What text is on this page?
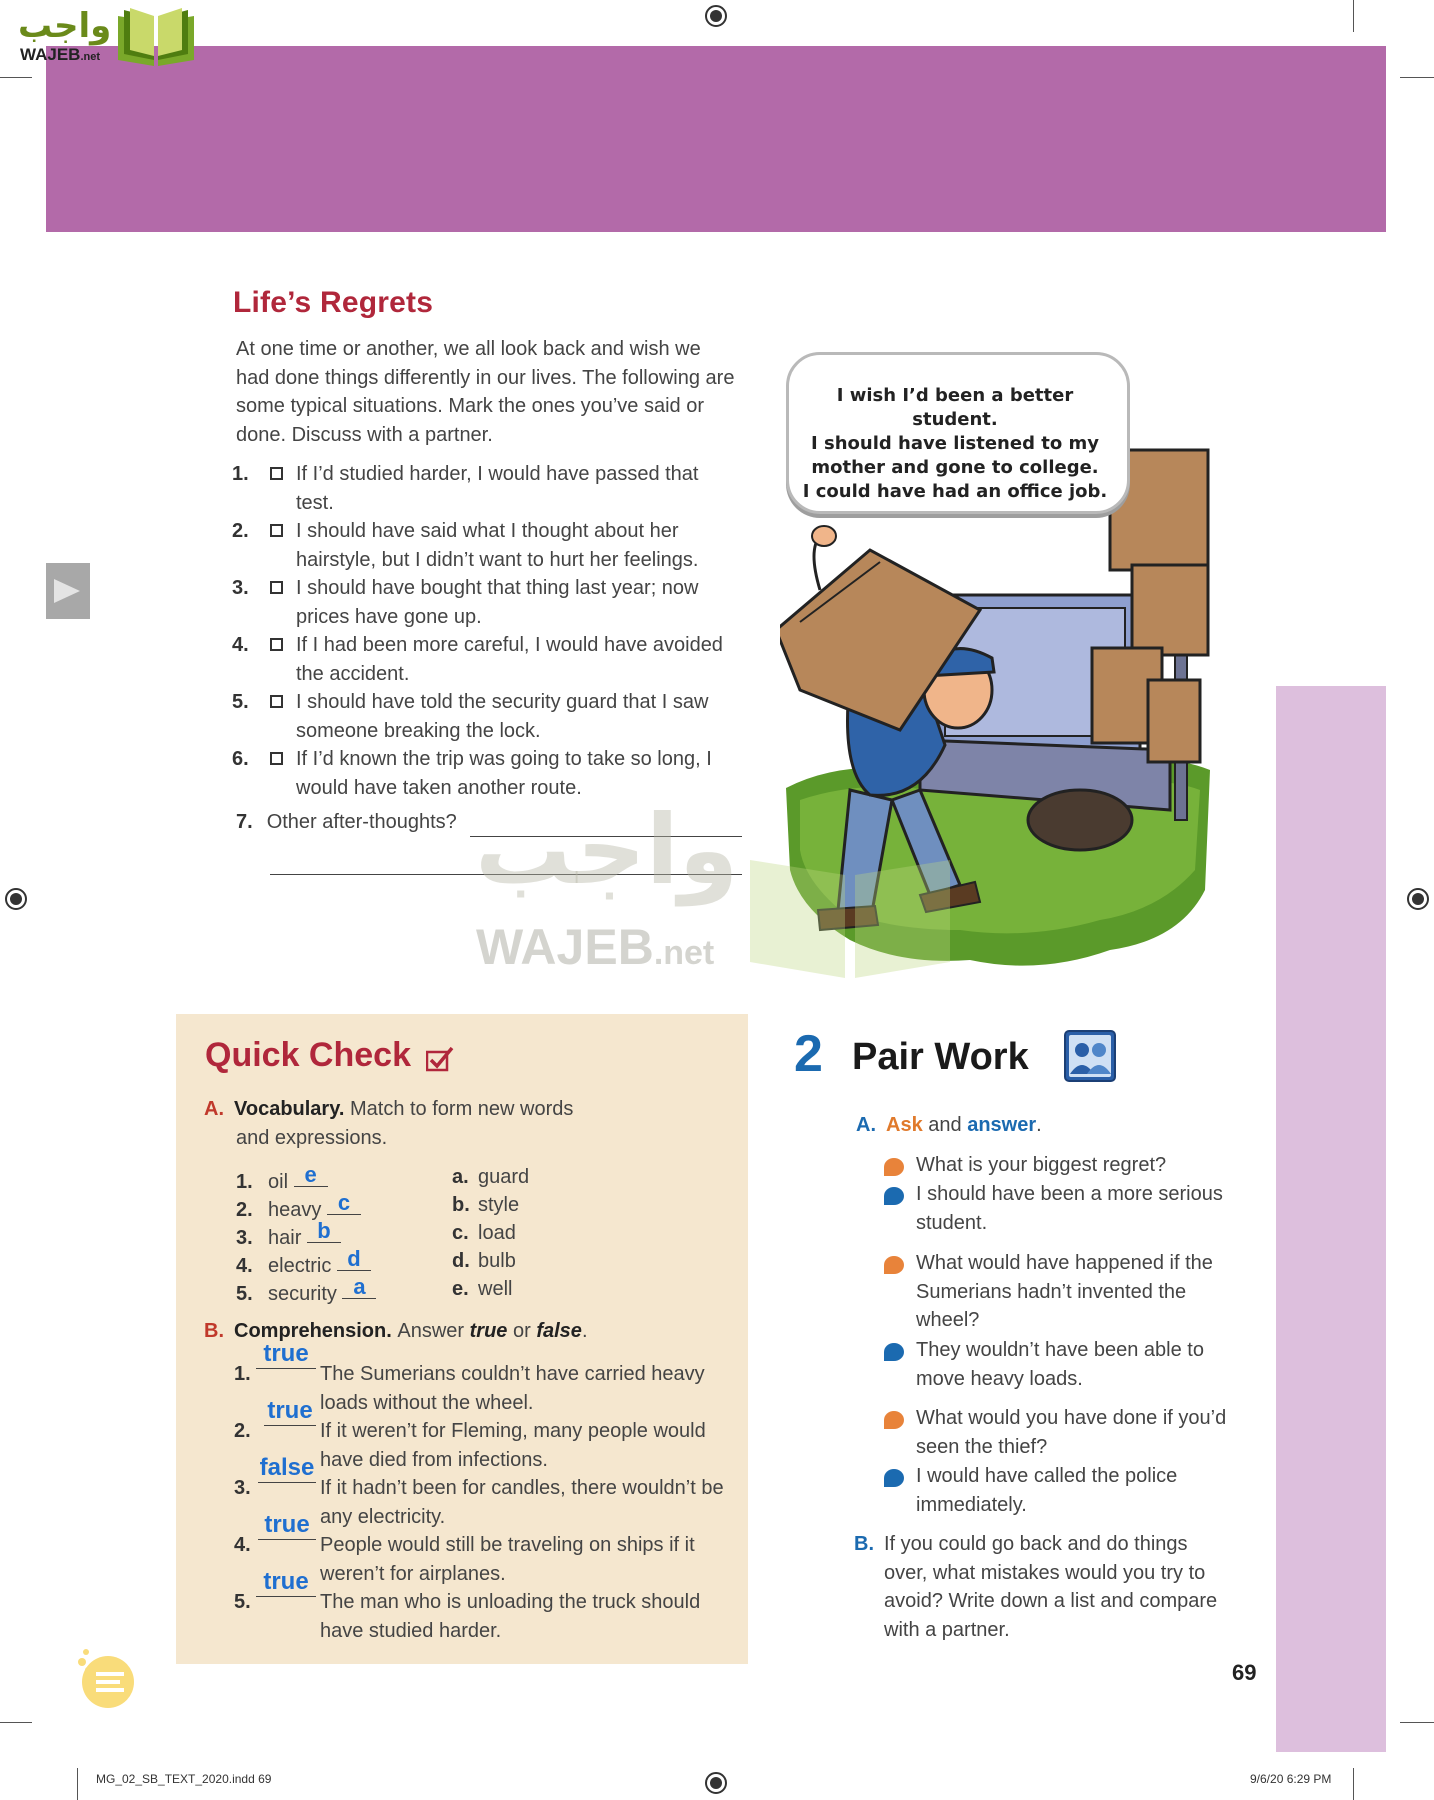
واجب
WAJEB.net
Life’s Regrets
At one time or another, we all look back and wish we had done things differently in our lives. The following are some typical situations. Mark the ones you’ve said or done. Discuss with a partner.
1. If I’d studied harder, I would have passed that test.
2. I should have said what I thought about her hairstyle, but I didn’t want to hurt her feelings.
3. I should have bought that thing last year; now prices have gone up.
4. If I had been more careful, I would have avoided the accident.
5. I should have told the security guard that I saw someone breaking the lock.
6. If I’d known the trip was going to take so long, I would have taken another route.
7. Other after-thoughts?
I wish I’d been a better student.
I should have listened to my
mother and gone to college.
I could have had an office job.
واجب
WAJEB.net
Quick Check
A. Vocabulary. Match to form new words
and expressions.
1. oil e
2. heavy c
3. hair b
4. electric d
5. security a
a. guard
b. style
c. load
d. bulb
e. well
B. Comprehension. Answer true or false.
1.
true
The Sumerians couldn’t have carried heavy loads without the wheel.
2.
true
If it weren’t for Fleming, many people would have died from infections.
3.
false
If it hadn’t been for candles, there wouldn’t be any electricity.
4.
true
People would still be traveling on ships if it weren’t for airplanes.
5.
true
The man who is unloading the truck should have studied harder.
2 Pair Work
A. Ask and answer.
What is your biggest regret?
I should have been a more serious student.
What would have happened if the Sumerians hadn’t invented the wheel?
They wouldn’t have been able to move heavy loads.
What would you have done if you’d seen the thief?
I would have called the police immediately.
B. If you could go back and do things over, what mistakes would you try to avoid? Write down a list and compare with a partner.
69
MG_02_SB_TEXT_2020.indd 69	9/6/20 6:29 PM
